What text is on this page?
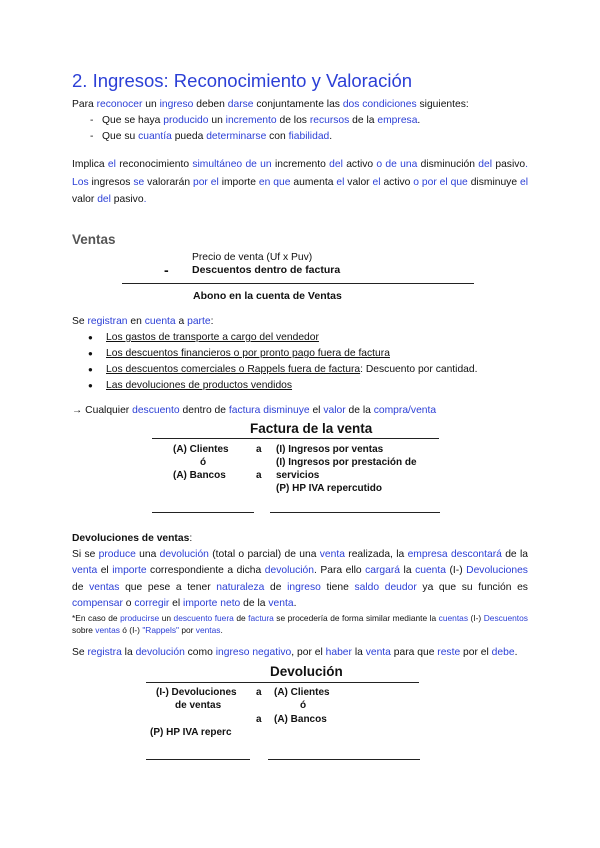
2. Ingresos: Reconocimiento y Valoración

Para reconocer un ingreso deben darse conjuntamente las dos condiciones siguientes:

- Que se haya producido un incremento de los recursos de la empresa.
- Que su cuantía pueda determinarse con fiabilidad.

Implica el reconocimiento simultáneo de un incremento del activo o de una disminución del pasivo. Los ingresos se valorarán por el importe en que aumenta el valor el activo o por el que disminuye el valor del pasivo.

Ventas
Precio de venta (Uf x Puv)
- Descuentos dentro de factura
Abono en la cuenta de Ventas

Se registran en cuenta a parte:

● Los gastos de transporte a cargo del vendedor
● Los descuentos financieros o por pronto pago fuera de factura
● Los descuentos comerciales o Rappels fuera de factura: Descuento por cantidad.
● Las devoluciones de productos vendidos

→ Cualquier descuento dentro de factura disminuye el valor de la compra/venta

Factura de la venta
(A) Clientes
ó
(A) Bancos
a
a
(I) Ingresos por ventas
(I) Ingresos por prestación de
servicios
(P) HP IVA repercutido
Devoluciones de ventas:

Si se produce una devolución (total o parcial) de una venta realizada, la empresa descontará de la venta el importe correspondiente a dicha devolución. Para ello cargará la cuenta (I-) Devoluciones de ventas que pese a tener naturaleza de ingreso tiene saldo deudor ya que su función es compensar o corregir el importe neto de la venta.

*En caso de producirse un descuento fuera de factura se procedería de forma similar mediante la cuentas (I-) Descuentos sobre ventas ó (I-) "Rappels" por ventas.

Se registra la devolución como ingreso negativo, por el haber la venta para que reste por el debe.

Devolución
(I-) Devoluciones
de ventas
(P) HP IVA reperc
a
a
(A) Clientes
ó
(A) Bancos
